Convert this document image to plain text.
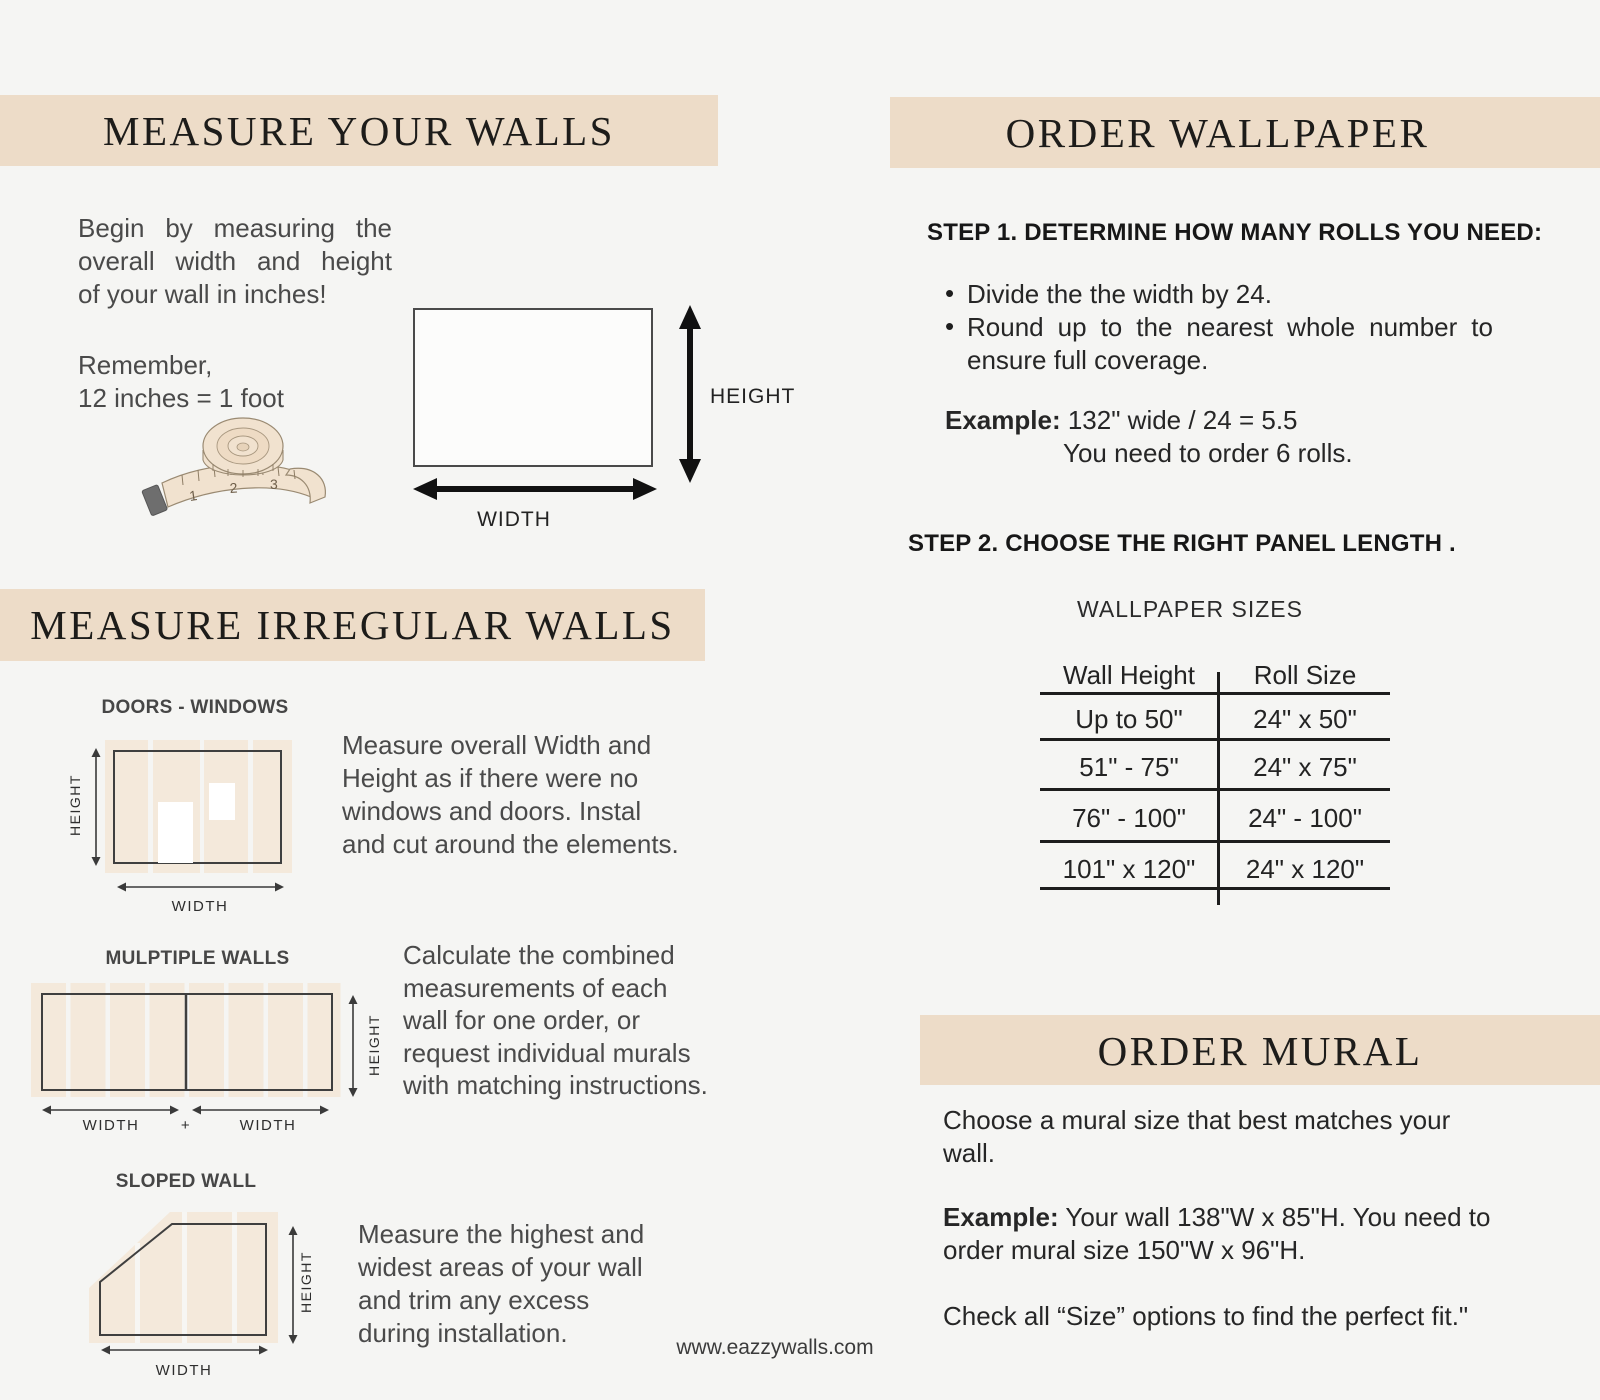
MEASURE YOUR WALLS
Begin by measuring the
overall width and height
of your wall in inches!
Remember,
12 inches = 1 foot
1 2 3
HEIGHT
WIDTH
MEASURE IRREGULAR WALLS
DOORS - WINDOWS
HEIGHT
WIDTH
Measure overall Width and
Height as if there were no
windows and doors. Instal
and cut around the elements.
MULPTIPLE WALLS
HEIGHT
WIDTH	+	WIDTH
Calculate the combined
measurements of each
wall for one order, or
request individual murals
with matching instructions.
SLOPED WALL
HEIGHT
WIDTH
Measure the highest and
widest areas of your wall
and trim any excess
during installation.
ORDER WALLPAPER
STEP 1. DETERMINE HOW MANY ROLLS YOU NEED:
• Divide the the width by 24.
• Round up to the nearest whole number to
ensure full coverage.
Example: 132" wide / 24 = 5.5
You need to order 6 rolls.
STEP 2. CHOOSE THE RIGHT PANEL LENGTH .
WALLPAPER SIZES
Wall Height	Roll Size
Up to 50"	24" x 50"
51" - 75"	24" x 75"
76" - 100"	24" - 100"
101" x 120"	24" x 120"
ORDER MURAL
Choose a mural size that best matches your
wall.
Example: Your wall 138"W x 85"H. You need to
order mural size 150"W x 96"H.
Check all “Size” options to find the perfect fit."
www.eazzywalls.com
